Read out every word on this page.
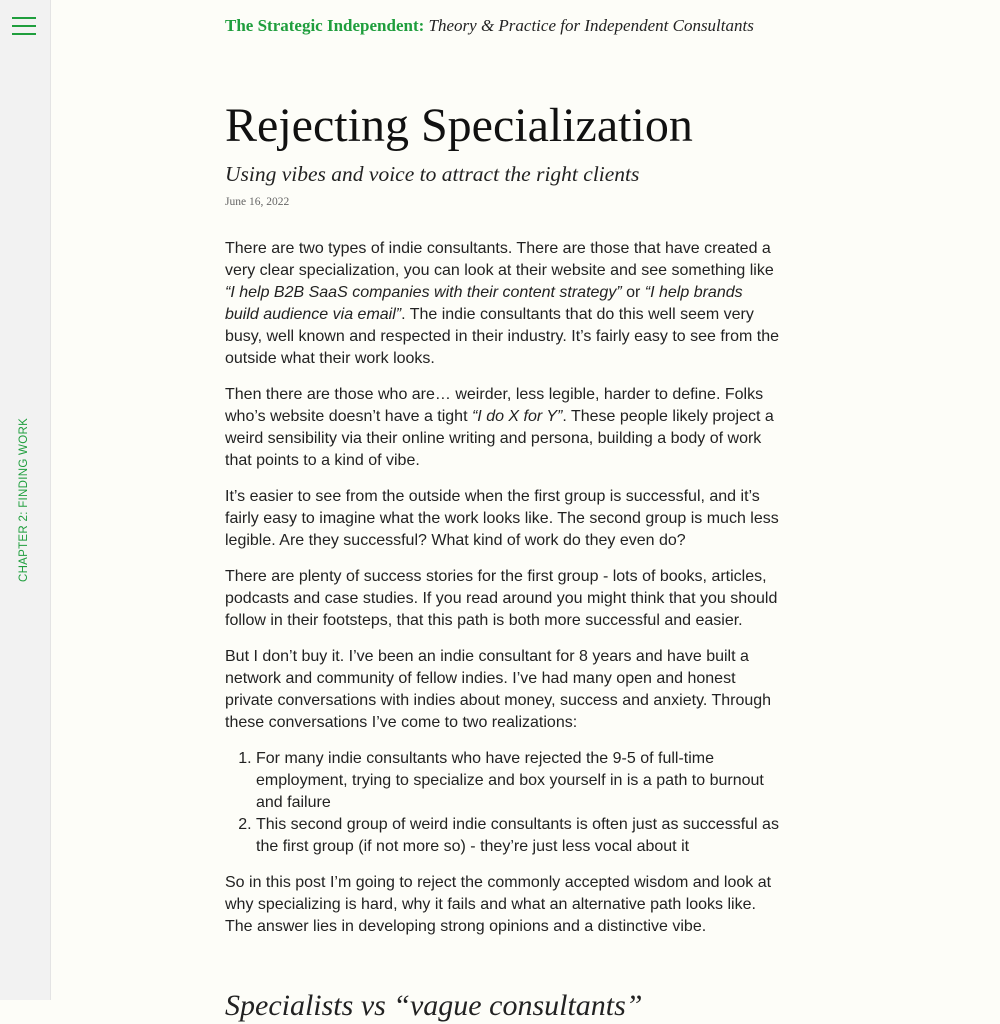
CHAPTER 2: FINDING WORK
The Strategic Independent: Theory & Practice for Independent Consultants
Rejecting Specialization

Using vibes and voice to attract the right clients

June 16, 2022

There are two types of indie consultants. There are those that have created a very clear specialization, you can look at their website and see something like “I help B2B SaaS companies with their content strategy” or “I help brands build audience via email”. The indie consultants that do this well seem very busy, well known and respected in their industry. It’s fairly easy to see from the outside what their work looks.

Then there are those who are… weirder, less legible, harder to define. Folks who’s website doesn’t have a tight “I do X for Y”. These people likely project a weird sensibility via their online writing and persona, building a body of work that points to a kind of vibe.

It’s easier to see from the outside when the first group is successful, and it’s fairly easy to imagine what the work looks like. The second group is much less legible. Are they successful? What kind of work do they even do?

There are plenty of success stories for the first group - lots of books, articles, podcasts and case studies. If you read around you might think that you should follow in their footsteps, that this path is both more successful and easier.

But I don’t buy it. I’ve been an indie consultant for 8 years and have built a network and community of fellow indies. I’ve had many open and honest private conversations with indies about money, success and anxiety. Through these conversations I’ve come to two realizations:

1. For many indie consultants who have rejected the 9-5 of full-time employment, trying to specialize and box yourself in is a path to burnout and failure
2. This second group of weird indie consultants is often just as successful as the first group (if not more so) - they’re just less vocal about it

So in this post I’m going to reject the commonly accepted wisdom and look at why specializing is hard, why it fails and what an alternative path looks like. The answer lies in developing strong opinions and a distinctive vibe.

Specialists vs “vague consultants”
